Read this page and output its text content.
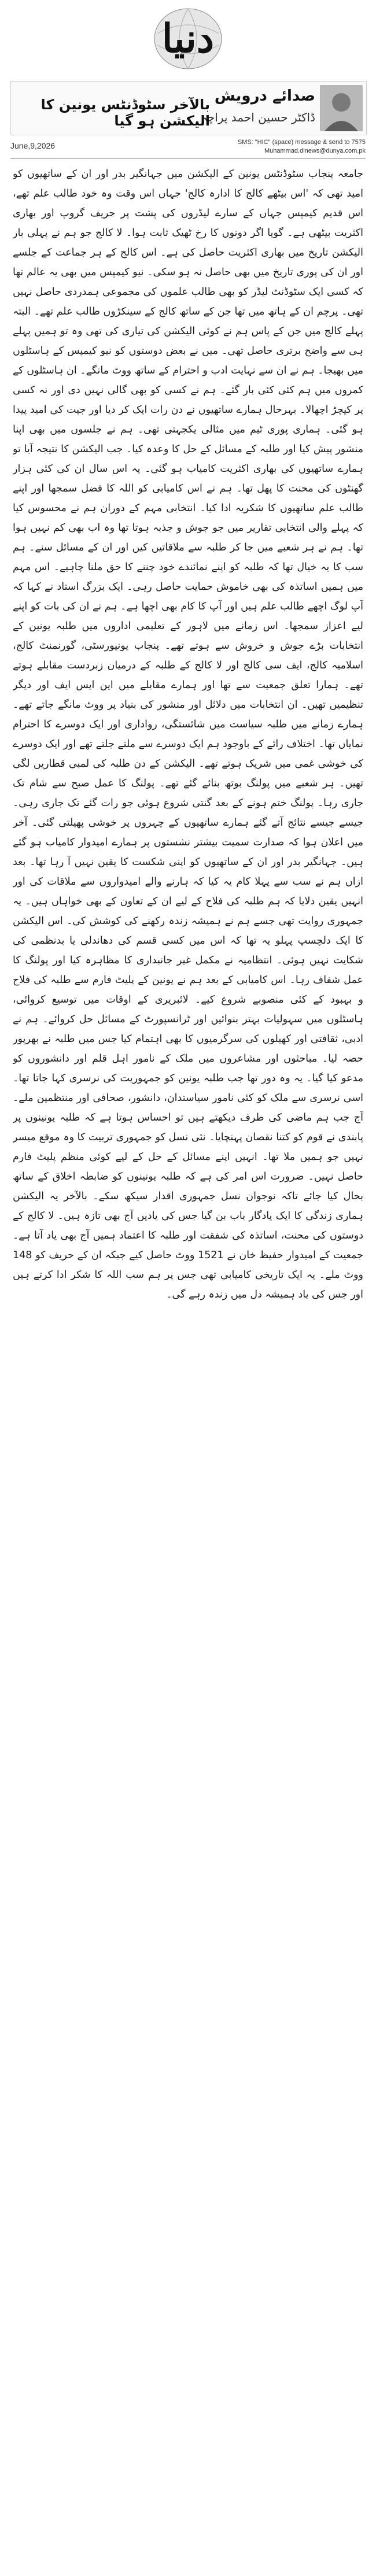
دنیا
صدائے درویش
ڈاکٹر حسین احمد پراچہ
بالآخر سٹوڈنٹس یونین کا الیکشن ہو گیا
June,9,2026	SMS: "HIC" (space) message & send to 7575
Muhammad.dinews@dunya.com.pk

جامعہ پنجاب سٹوڈنٹس یونین کے الیکشن میں جہانگیر بدر اور ان کے ساتھیوں کو امید تھی کہ 'اس بیٹھے کالج کا ادارہ کالج' جہاں اس وقت وہ خود طالب علم تھے، اس قدیم کیمپس جہاں کے سارے لیڈروں کی پشت پر حریف گروپ اور بھاری اکثریت بیٹھی ہے۔ گویا اگر دونوں کا رخ ٹھیک ثابت ہوا۔ لا کالج جو ہم نے پہلی بار الیکشن تاریخ میں بھاری اکثریت حاصل کی ہے۔ اس کالج کے ہر جماعت کے جلسے اور ان کی پوری تاریخ میں بھی حاصل نہ ہو سکی۔ نیو کیمپس میں بھی یہ عالم تھا کہ کسی ایک سٹوڈنٹ لیڈر کو بھی طالب علموں کی مجموعی ہمدردی حاصل نہیں تھی۔ پرچم ان کے ہاتھ میں تھا جن کے ساتھ کالج کے سینکڑوں طالب علم تھے۔ البتہ پہلے کالج میں جن کے پاس ہم نے کوئی الیکشن کی تیاری کی تھی وہ تو ہمیں پہلے ہی سے واضح برتری حاصل تھی۔ میں نے بعض دوستوں کو نیو کیمپس کے ہاسٹلوں میں بھیجا۔ ہم نے ان سے نہایت ادب و احترام کے ساتھ ووٹ مانگے۔ ان ہاسٹلوں کے کمروں میں ہم کئی کئی بار گئے۔ ہم نے کسی کو بھی گالی نہیں دی اور نہ کسی پر کیچڑ اچھالا۔ بہرحال ہمارے ساتھیوں نے دن رات ایک کر دیا اور جیت کی امید پیدا ہو گئی۔ ہماری پوری ٹیم میں مثالی یکجہتی تھی۔ ہم نے جلسوں میں بھی اپنا منشور پیش کیا اور طلبہ کے مسائل کے حل کا وعدہ کیا۔ جب الیکشن کا نتیجہ آیا تو ہمارے ساتھیوں کی بھاری اکثریت کامیاب ہو گئی۔ یہ اس سال ان کی کئی ہزار گھنٹوں کی محنت کا پھل تھا۔ ہم نے اس کامیابی کو اللہ کا فضل سمجھا اور اپنے طالب علم ساتھیوں کا شکریہ ادا کیا۔ انتخابی مہم کے دوران ہم نے محسوس کیا کہ پہلے والی انتخابی تقاریر میں جو جوش و جذبہ ہوتا تھا وہ اب بھی کم نہیں ہوا تھا۔ ہم نے ہر شعبے میں جا کر طلبہ سے ملاقاتیں کیں اور ان کے مسائل سنے۔ ہم سب کا یہ خیال تھا کہ طلبہ کو اپنے نمائندے خود چننے کا حق ملنا چاہیے۔ اس مہم میں ہمیں اساتذہ کی بھی خاموش حمایت حاصل رہی۔ ایک بزرگ استاد نے کہا کہ آپ لوگ اچھے طالب علم ہیں اور آپ کا کام بھی اچھا ہے۔ ہم نے ان کی بات کو اپنے لیے اعزاز سمجھا۔ اس زمانے میں لاہور کے تعلیمی اداروں میں طلبہ یونین کے انتخابات بڑے جوش و خروش سے ہوتے تھے۔ پنجاب یونیورسٹی، گورنمنٹ کالج، اسلامیہ کالج، ایف سی کالج اور لا کالج کے طلبہ کے درمیان زبردست مقابلے ہوتے تھے۔ ہمارا تعلق جمعیت سے تھا اور ہمارے مقابلے میں این ایس ایف اور دیگر تنظیمیں تھیں۔ ان انتخابات میں دلائل اور منشور کی بنیاد پر ووٹ مانگے جاتے تھے۔ ہمارے زمانے میں طلبہ سیاست میں شائستگی، رواداری اور ایک دوسرے کا احترام نمایاں تھا۔ اختلاف رائے کے باوجود ہم ایک دوسرے سے ملتے جلتے تھے اور ایک دوسرے کی خوشی غمی میں شریک ہوتے تھے۔ الیکشن کے دن طلبہ کی لمبی قطاریں لگی تھیں۔ ہر شعبے میں پولنگ بوتھ بنائے گئے تھے۔ پولنگ کا عمل صبح سے شام تک جاری رہا۔ پولنگ ختم ہونے کے بعد گنتی شروع ہوئی جو رات گئے تک جاری رہی۔ جیسے جیسے نتائج آتے گئے ہمارے ساتھیوں کے چہروں پر خوشی پھیلتی گئی۔ آخر میں اعلان ہوا کہ صدارت سمیت بیشتر نشستوں پر ہمارے امیدوار کامیاب ہو گئے ہیں۔ جہانگیر بدر اور ان کے ساتھیوں کو اپنی شکست کا یقین نہیں آ رہا تھا۔ بعد ازاں ہم نے سب سے پہلا کام یہ کیا کہ ہارنے والے امیدواروں سے ملاقات کی اور انہیں یقین دلایا کہ ہم طلبہ کی فلاح کے لیے ان کے تعاون کے بھی خواہاں ہیں۔ یہ جمہوری روایت تھی جسے ہم نے ہمیشہ زندہ رکھنے کی کوشش کی۔ اس الیکشن کا ایک دلچسپ پہلو یہ تھا کہ اس میں کسی قسم کی دھاندلی یا بدنظمی کی شکایت نہیں ہوئی۔ انتظامیہ نے مکمل غیر جانبداری کا مظاہرہ کیا اور پولنگ کا عمل شفاف رہا۔ اس کامیابی کے بعد ہم نے یونین کے پلیٹ فارم سے طلبہ کی فلاح و بہبود کے کئی منصوبے شروع کیے۔ لائبریری کے اوقات میں توسیع کروائی، ہاسٹلوں میں سہولیات بہتر بنوائیں اور ٹرانسپورٹ کے مسائل حل کروائے۔ ہم نے ادبی، ثقافتی اور کھیلوں کی سرگرمیوں کا بھی اہتمام کیا جس میں طلبہ نے بھرپور حصہ لیا۔ مباحثوں اور مشاعروں میں ملک کے نامور اہل قلم اور دانشوروں کو مدعو کیا گیا۔ یہ وہ دور تھا جب طلبہ یونین کو جمہوریت کی نرسری کہا جاتا تھا۔ اسی نرسری سے ملک کو کئی نامور سیاستدان، دانشور، صحافی اور منتظمین ملے۔ آج جب ہم ماضی کی طرف دیکھتے ہیں تو احساس ہوتا ہے کہ طلبہ یونینوں پر پابندی نے قوم کو کتنا نقصان پہنچایا۔ نئی نسل کو جمہوری تربیت کا وہ موقع میسر نہیں جو ہمیں ملا تھا۔ انہیں اپنے مسائل کے حل کے لیے کوئی منظم پلیٹ فارم حاصل نہیں۔ ضرورت اس امر کی ہے کہ طلبہ یونینوں کو ضابطہ اخلاق کے ساتھ بحال کیا جائے تاکہ نوجوان نسل جمہوری اقدار سیکھ سکے۔ بالآخر یہ الیکشن ہماری زندگی کا ایک یادگار باب بن گیا جس کی یادیں آج بھی تازہ ہیں۔ لا کالج کے دوستوں کی محنت، اساتذہ کی شفقت اور طلبہ کا اعتماد ہمیں آج بھی یاد آتا ہے۔ جمعیت کے امیدوار حفیظ خان نے 1521 ووٹ حاصل کیے جبکہ ان کے حریف کو 148 ووٹ ملے۔ یہ ایک تاریخی کامیابی تھی جس پر ہم سب اللہ کا شکر ادا کرتے ہیں اور جس کی یاد ہمیشہ دل میں زندہ رہے گی۔
